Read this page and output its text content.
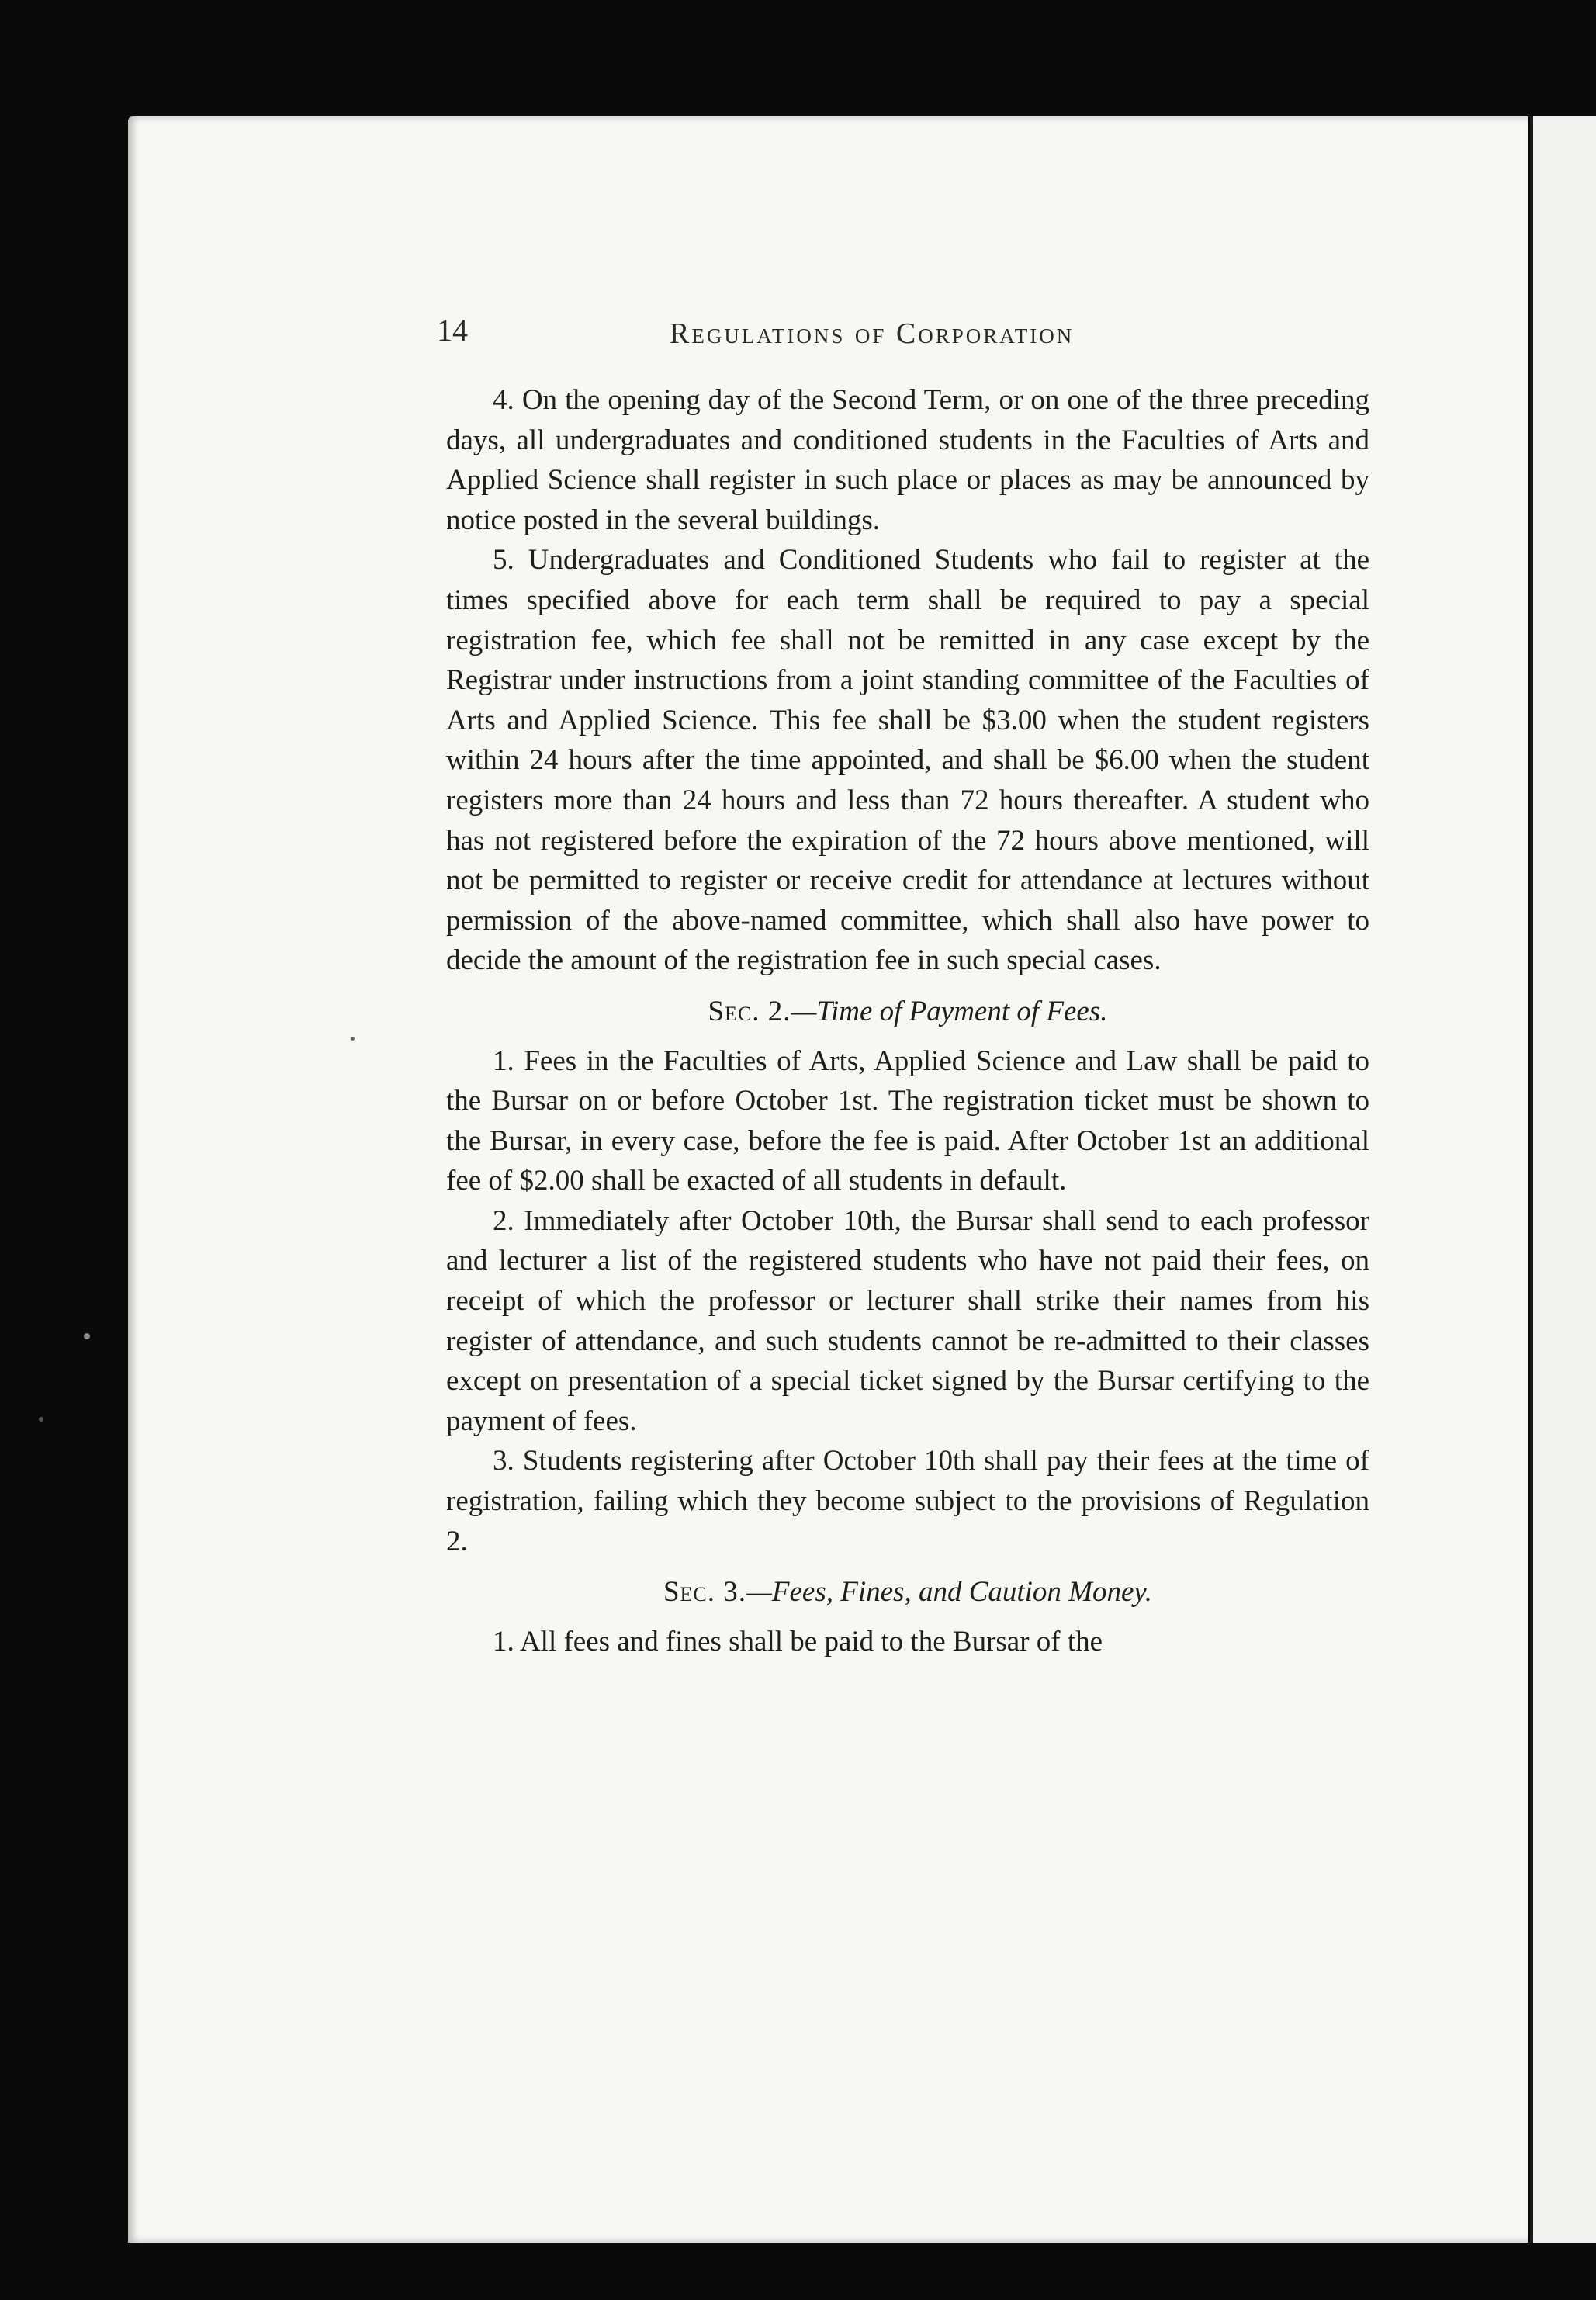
14	Regulations of Corporation

4. On the opening day of the Second Term, or on one of the three preceding days, all undergraduates and conditioned students in the Faculties of Arts and Applied Science shall register in such place or places as may be announced by notice posted in the several buildings.

5. Undergraduates and Conditioned Students who fail to register at the times specified above for each term shall be required to pay a special registration fee, which fee shall not be remitted in any case except by the Registrar under instructions from a joint standing committee of the Faculties of Arts and Applied Science. This fee shall be $3.00 when the student registers within 24 hours after the time appointed, and shall be $6.00 when the student registers more than 24 hours and less than 72 hours thereafter. A student who has not registered before the expiration of the 72 hours above mentioned, will not be permitted to register or receive credit for attendance at lectures without permission of the above-named committee, which shall also have power to decide the amount of the registration fee in such special cases.

Sec. 2.—Time of Payment of Fees.

1. Fees in the Faculties of Arts, Applied Science and Law shall be paid to the Bursar on or before October 1st. The registration ticket must be shown to the Bursar, in every case, before the fee is paid. After October 1st an additional fee of $2.00 shall be exacted of all students in default.

2. Immediately after October 10th, the Bursar shall send to each professor and lecturer a list of the registered students who have not paid their fees, on receipt of which the professor or lecturer shall strike their names from his register of attendance, and such students cannot be re-admitted to their classes except on presentation of a special ticket signed by the Bursar certifying to the payment of fees.

3. Students registering after October 10th shall pay their fees at the time of registration, failing which they become subject to the provisions of Regulation 2.

Sec. 3.—Fees, Fines, and Caution Money.

1. All fees and fines shall be paid to the Bursar of the
